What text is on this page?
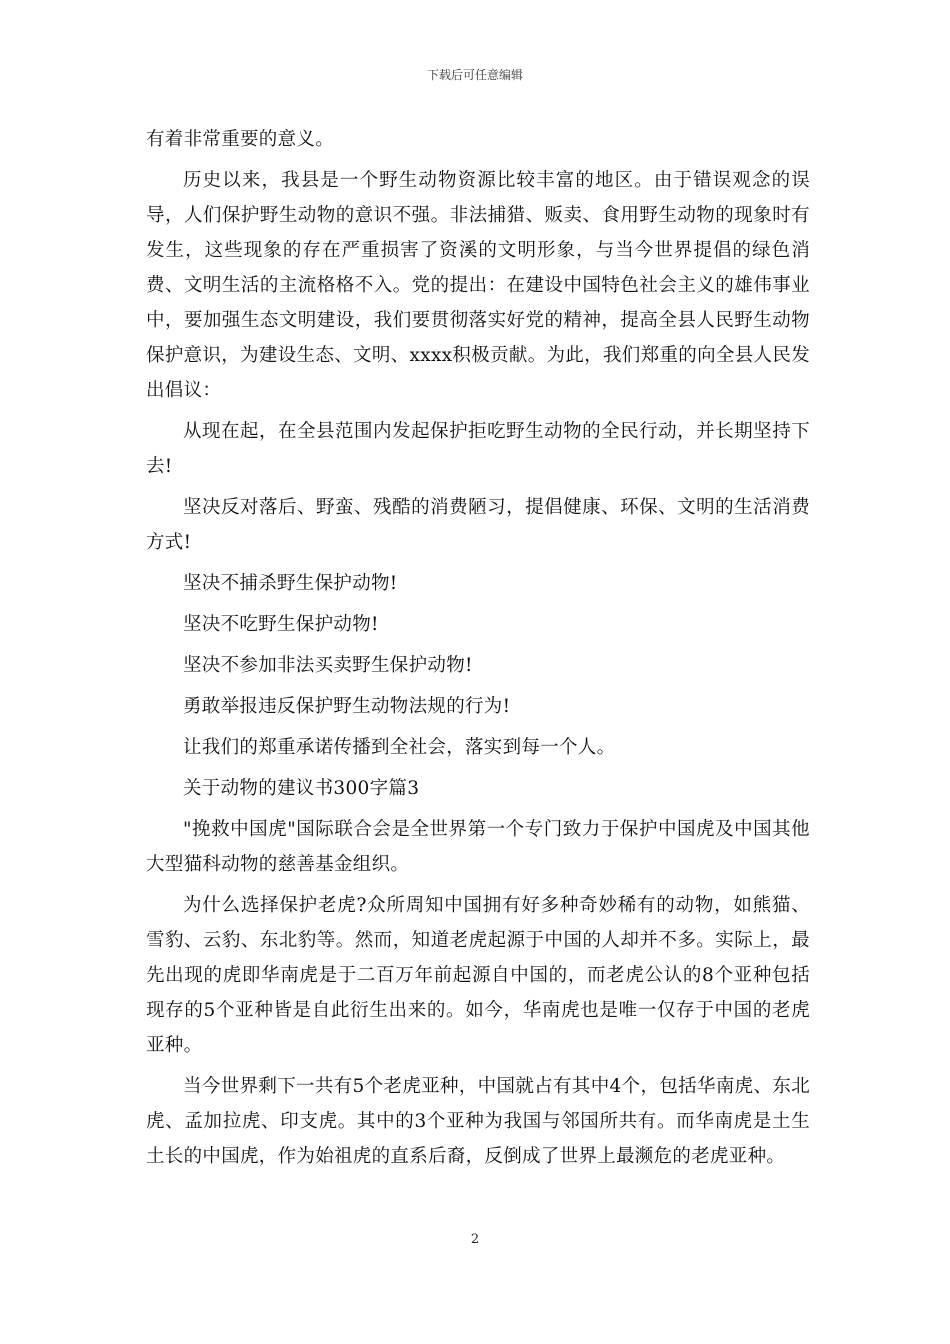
下载后可任意编辑

有着非常重要的意义。

历史以来，我县是一个野生动物资源比较丰富的地区。由于错误观念的误导，人们保护野生动物的意识不强。非法捕猎、贩卖、食用野生动物的现象时有发生，这些现象的存在严重损害了资溪的文明形象，与当今世界提倡的绿色消费、文明生活的主流格格不入。党的提出：在建设中国特色社会主义的雄伟事业中，要加强生态文明建设，我们要贯彻落实好党的精神，提高全县人民野生动物保护意识，为建设生态、文明、xxxx积极贡献。为此，我们郑重的向全县人民发出倡议：

从现在起，在全县范围内发起保护拒吃野生动物的全民行动，并长期坚持下去!

坚决反对落后、野蛮、残酷的消费陋习，提倡健康、环保、文明的生活消费方式!

坚决不捕杀野生保护动物!

坚决不吃野生保护动物!

坚决不参加非法买卖野生保护动物!

勇敢举报违反保护野生动物法规的行为!

让我们的郑重承诺传播到全社会，落实到每一个人。

关于动物的建议书300字篇3

"挽救中国虎"国际联合会是全世界第一个专门致力于保护中国虎及中国其他大型猫科动物的慈善基金组织。

为什么选择保护老虎?众所周知中国拥有好多种奇妙稀有的动物，如熊猫、雪豹、云豹、东北豹等。然而，知道老虎起源于中国的人却并不多。实际上，最先出现的虎即华南虎是于二百万年前起源自中国的，而老虎公认的8个亚种包括现存的5个亚种皆是自此衍生出来的。如今，华南虎也是唯一仅存于中国的老虎亚种。

当今世界剩下一共有5个老虎亚种，中国就占有其中4个，包括华南虎、东北虎、孟加拉虎、印支虎。其中的3个亚种为我国与邻国所共有。而华南虎是土生土长的中国虎，作为始祖虎的直系后裔，反倒成了世界上最濒危的老虎亚种。

2
